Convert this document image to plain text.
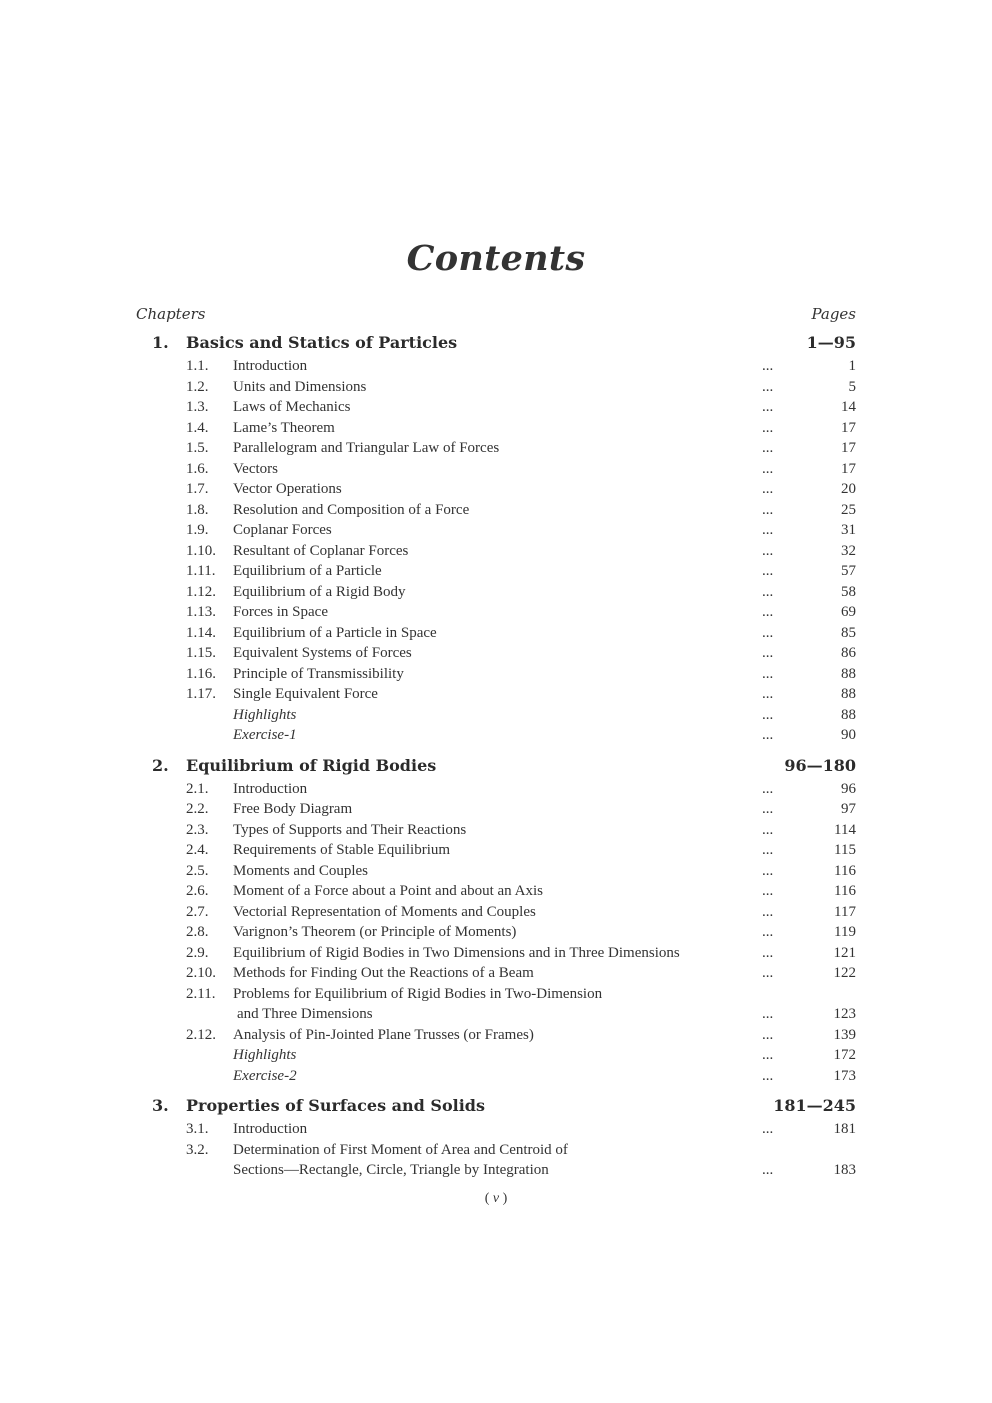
Contents
Chapters	Pages
1. Basics and Statics of Particles	1—95
1.1. Introduction	...	1
1.2. Units and Dimensions	...	5
1.3. Laws of Mechanics	...	14
1.4. Lame’s Theorem	...	17
1.5. Parallelogram and Triangular Law of Forces	...	17
1.6. Vectors	...	17
1.7. Vector Operations	...	20
1.8. Resolution and Composition of a Force	...	25
1.9. Coplanar Forces	...	31
1.10. Resultant of Coplanar Forces	...	32
1.11. Equilibrium of a Particle	...	57
1.12. Equilibrium of a Rigid Body	...	58
1.13. Forces in Space	...	69
1.14. Equilibrium of a Particle in Space	...	85
1.15. Equivalent Systems of Forces	...	86
1.16. Principle of Transmissibility	...	88
1.17. Single Equivalent Force	...	88
Highlights	...	88
Exercise-1	...	90
2. Equilibrium of Rigid Bodies	96—180
2.1. Introduction	...	96
2.2. Free Body Diagram	...	97
2.3. Types of Supports and Their Reactions	...	114
2.4. Requirements of Stable Equilibrium	...	115
2.5. Moments and Couples	...	116
2.6. Moment of a Force about a Point and about an Axis	...	116
2.7. Vectorial Representation of Moments and Couples	...	117
2.8. Varignon’s Theorem (or Principle of Moments)	...	119
2.9. Equilibrium of Rigid Bodies in Two Dimensions and in Three Dimensions	...	121
2.10. Methods for Finding Out the Reactions of a Beam	...	122
2.11. Problems for Equilibrium of Rigid Bodies in Two-Dimension
and Three Dimensions	...	123
2.12. Analysis of Pin-Jointed Plane Trusses (or Frames)	...	139
Highlights	...	172
Exercise-2	...	173
3. Properties of Surfaces and Solids	181—245
3.1. Introduction	...	181
3.2. Determination of First Moment of Area and Centroid of
Sections—Rectangle, Circle, Triangle by Integration	...	183
( v )
